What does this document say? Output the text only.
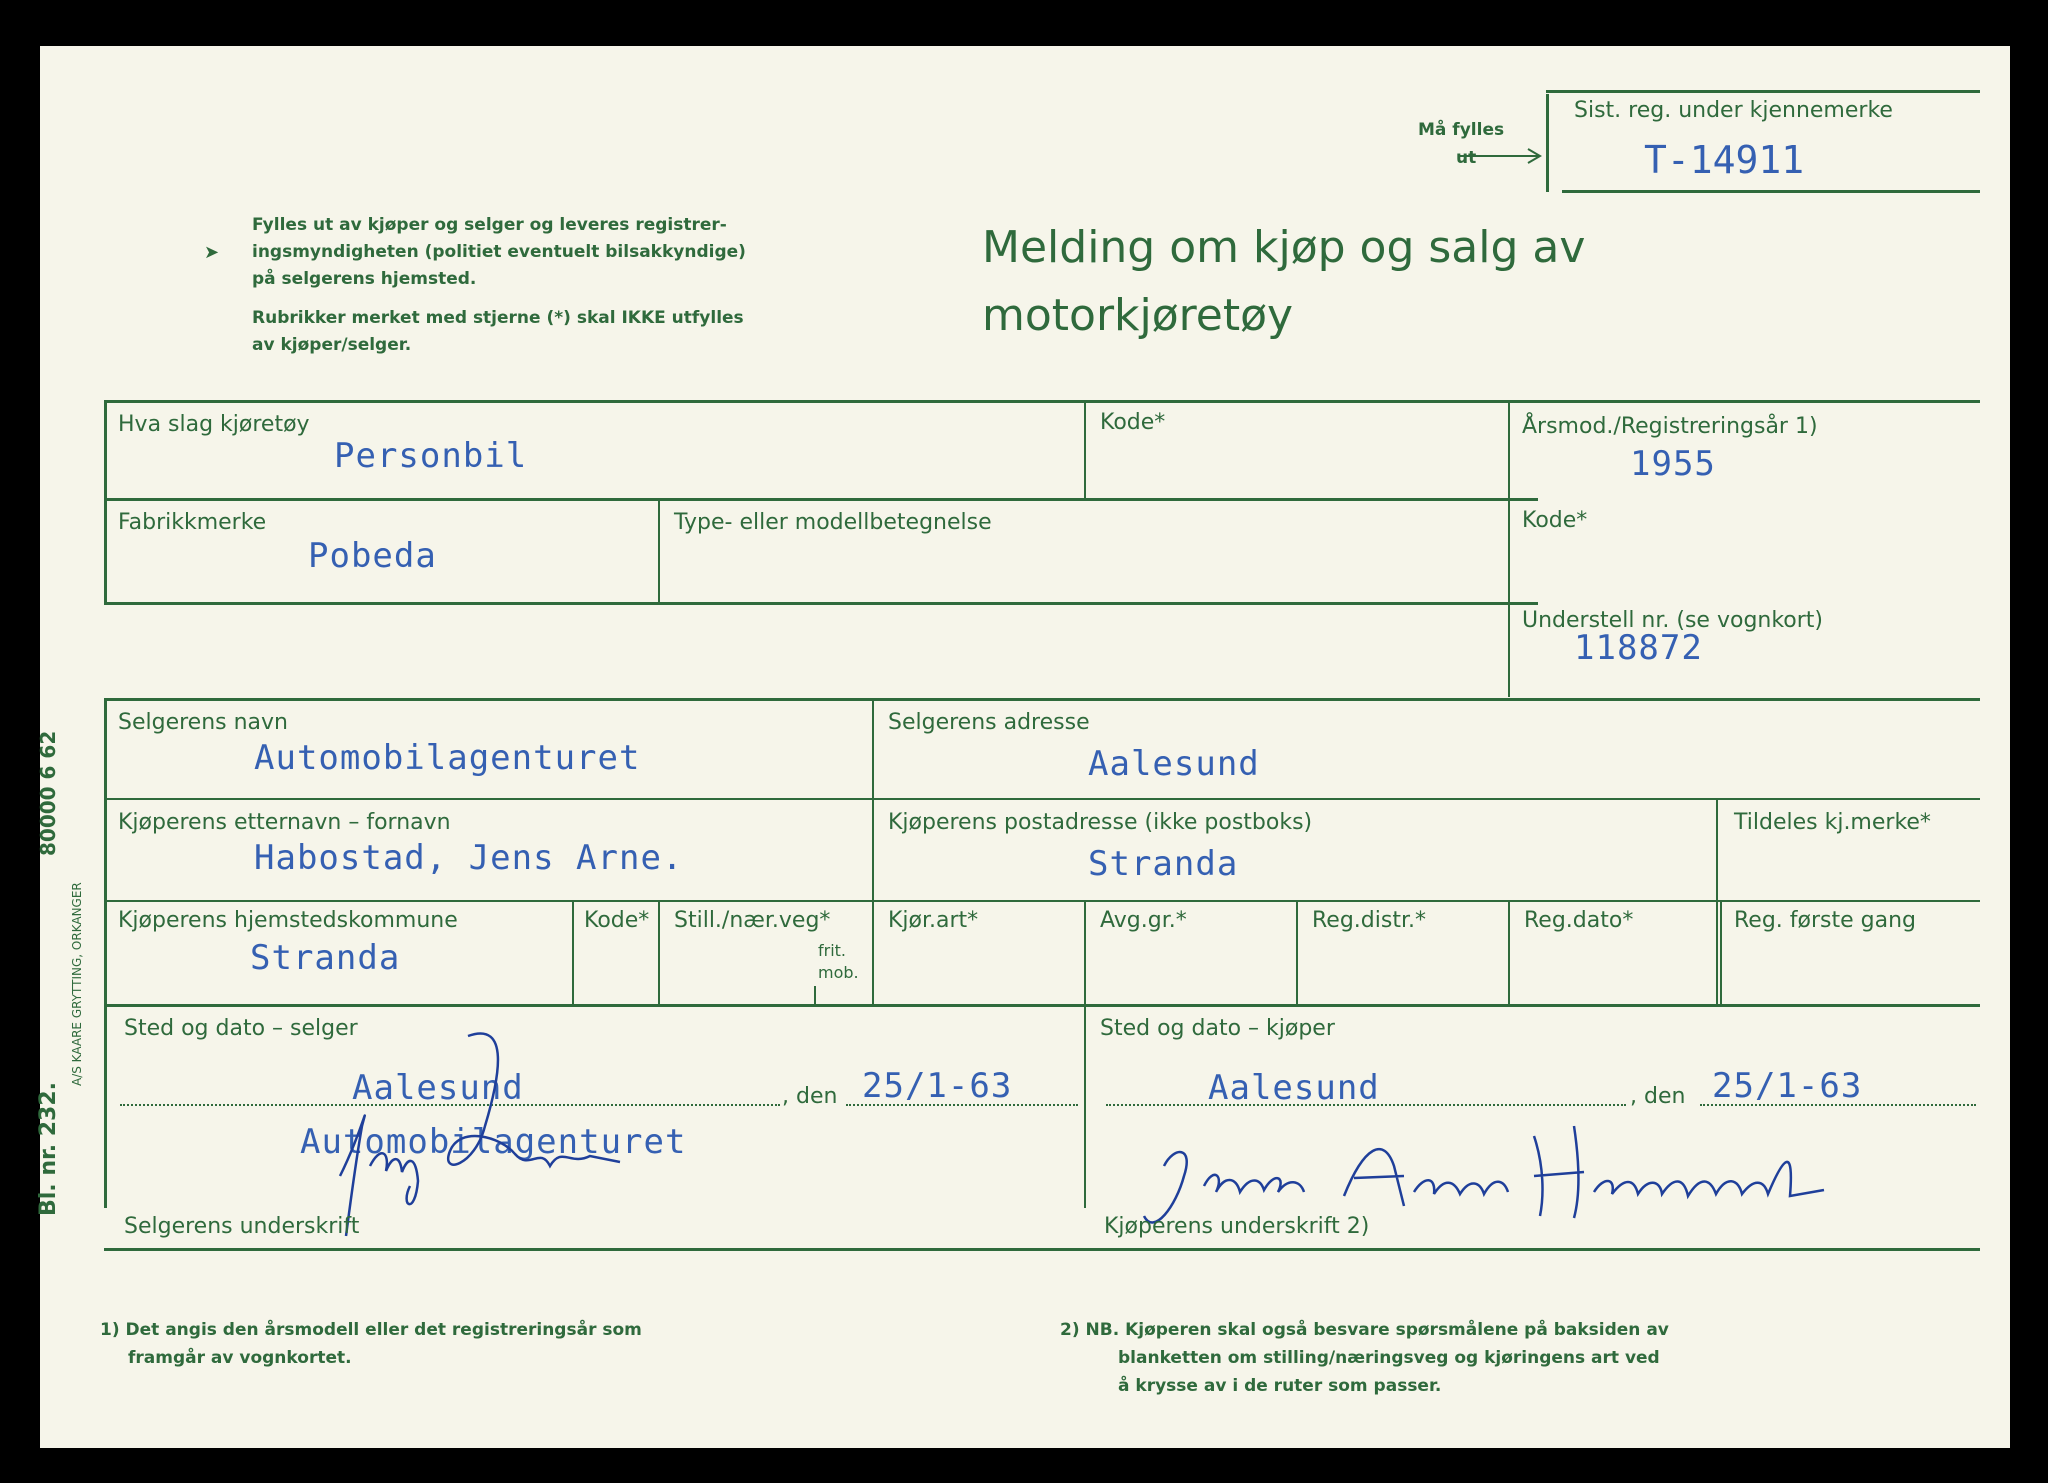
Må fylles
ut
Sist. reg. under kjennemerke
T-14911
➤
Fylles ut av kjøper og selger og leveres registrer-
ingsmyndigheten (politiet eventuelt bilsakkyndige)
på selgerens hjemsted.
Rubrikker merket med stjerne (*) skal IKKE utfylles
av kjøper/selger.
Melding om kjøp og salg av
motorkjøretøy
Hva slag kjøretøy
Personbil
Kode*	Årsmod./Registreringsår 1)
1955
Fabrikkmerke
Pobeda
Type- eller modellbetegnelse	Kode*
Understell nr. (se vognkort)
118872
Selgerens navn
Automobilagenturet
Selgerens adresse
Aalesund
Kjøperens etternavn – fornavn
Habostad, Jens Arne.
Kjøperens postadresse (ikke postboks)
Stranda
Tildeles kj.merke*
Kjøperens hjemstedskommune
Stranda
Kode* Still./nær.veg*
frit.
mob.
Kjør.art*	Avg.gr.*	Reg.distr.*	Reg.dato*	Reg. første gang
Sted og dato – selger
Aalesund	, den 25/1-63
Automobilagenturet
Selgerens underskrift
Sted og dato – kjøper
Aalesund	, den 25/1-63
Kjøperens underskrift 2)
1) Det angis den årsmodell eller det registreringsår som
framgår av vognkortet.
2) NB. Kjøperen skal også besvare spørsmålene på baksiden av
blanketten om stilling/næringsveg og kjøringens art ved
å krysse av i de ruter som passer.
Bl. nr. 232.
A/S KAARE GRYTTING, ORKANGER
80000 6 62
